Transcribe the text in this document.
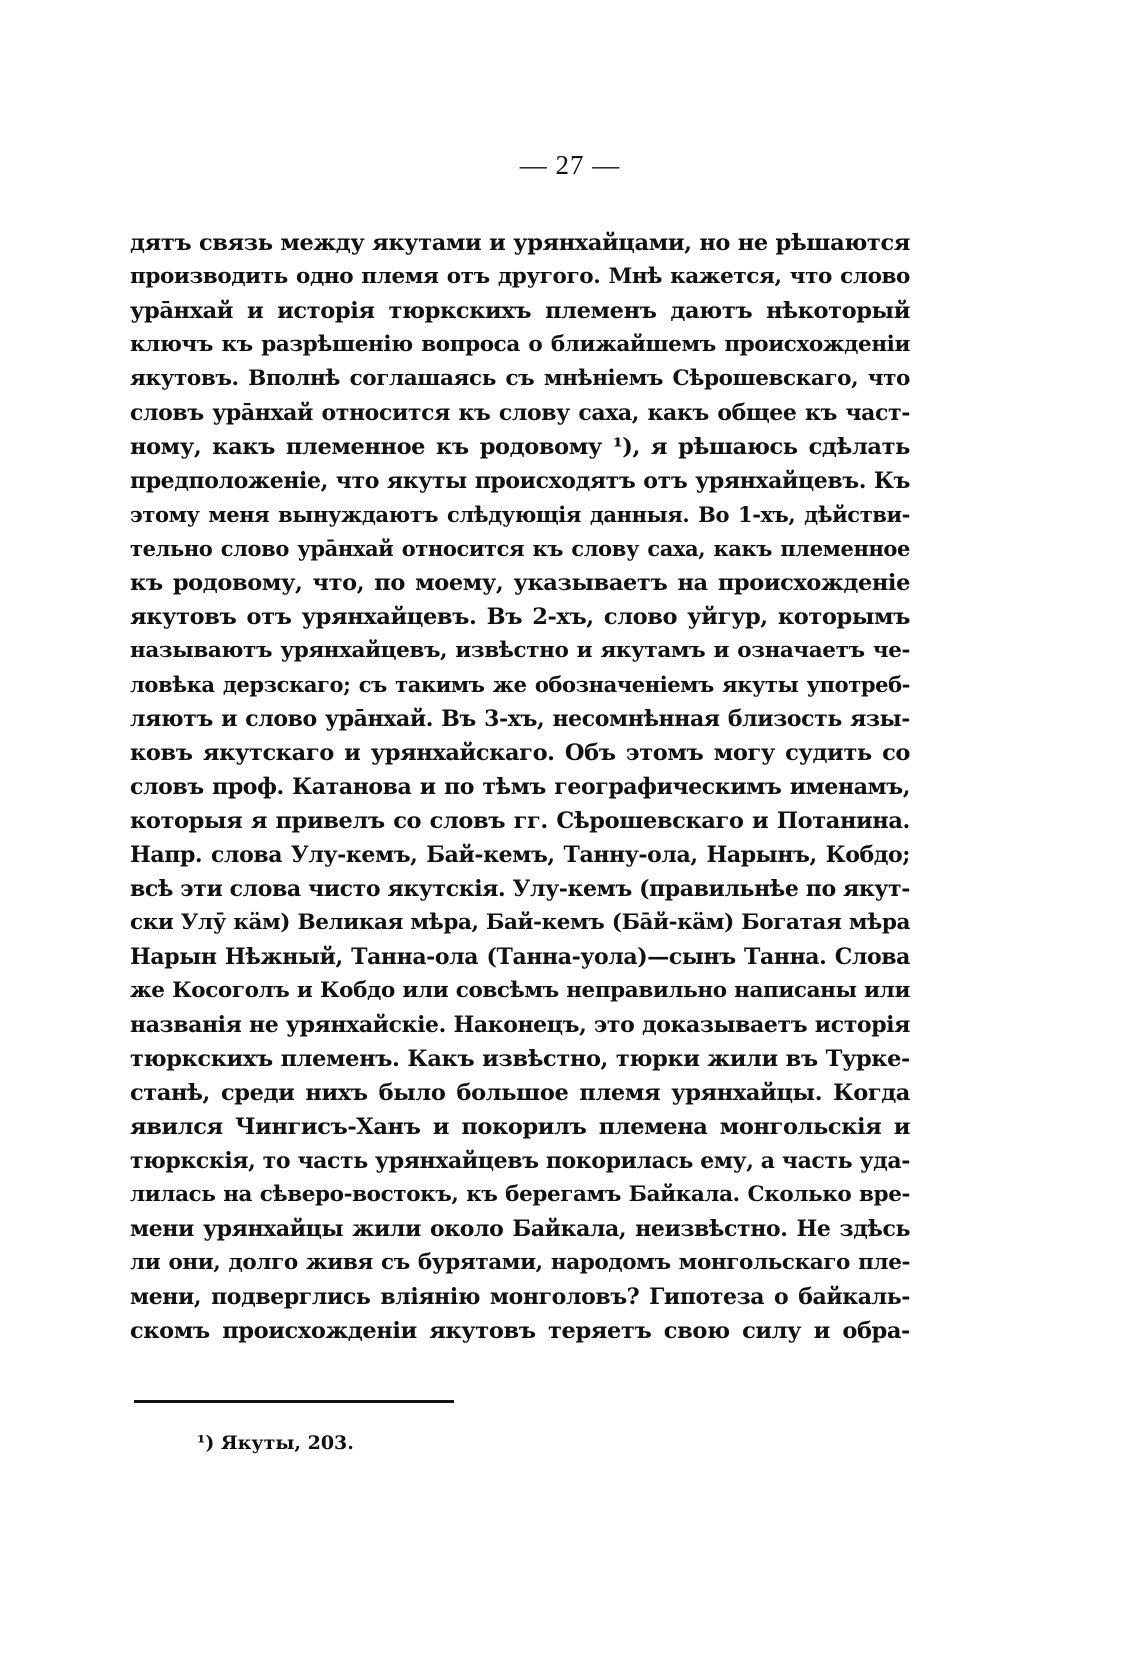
— 27 —
дятъ связь между якутами и урянхайцами, но не рѣшаются
производить одно племя отъ другого. Мнѣ кажется, что слово
урāнхай и исторія тюркскихъ племенъ даютъ нѣкоторый
ключъ къ разрѣшенію вопроса о ближайшемъ происхожденіи
якутовъ. Вполнѣ соглашаясь съ мнѣніемъ Сѣрошевскаго, что
словъ урāнхай относится къ слову саха, какъ общее къ част-
ному, какъ племенное къ родовому ¹), я рѣшаюсь сдѣлать
предположеніе, что якуты происходятъ отъ урянхайцевъ. Къ
этому меня вынуждаютъ слѣдующія данныя. Во 1-хъ, дѣйстви-
тельно слово урāнхай относится къ слову саха, какъ племенное
къ родовому, что, по моему, указываетъ на происхожденіе
якутовъ отъ урянхайцевъ. Въ 2-хъ, слово уйгур, которымъ
называютъ урянхайцевъ, извѣстно и якутамъ и означаетъ че-
ловѣка дерзскаго; съ такимъ же обозначеніемъ якуты употреб-
ляютъ и слово урāнхай. Въ 3-хъ, несомнѣнная близость язы-
ковъ якутскаго и урянхайскаго. Объ этомъ могу судить со
словъ проф. Катанова и по тѣмъ географическимъ именамъ,
которыя я привелъ со словъ гг. Сѣрошевскаго и Потанина.
Напр. слова Улу-кемъ, Бай-кемъ, Танну-ола, Нарынъ, Кобдо;
всѣ эти слова чисто якутскія. Улу-кемъ (правильнѣе по якут-
ски Улӯ кӓм) Великая мѣра, Бай-кемъ (Бāй-кӓм) Богатая мѣра
Нарын Нѣжный, Танна-ола (Танна-уола)—сынъ Танна. Слова
же Косоголъ и Кобдо или совсѣмъ неправильно написаны или
названія не урянхайскіе. Наконецъ, это доказываетъ исторія
тюркскихъ племенъ. Какъ извѣстно, тюрки жили въ Турке-
станѣ, среди нихъ было большое племя урянхайцы. Когда
явился Чингисъ-Ханъ и покорилъ племена монгольскія и
тюркскія, то часть урянхайцевъ покорилась ему, а часть уда-
лилась на сѣверо-востокъ, къ берегамъ Байкала. Сколько вре-
мени урянхайцы жили около Байкала, неизвѣстно. Не здѣсь
ли они, долго живя съ бурятами, народомъ монгольскаго пле-
мени, подверглись вліянію монголовъ? Гипотеза о байкаль-
скомъ происхожденіи якутовъ теряетъ свою силу и обра-
¹) Якуты, 203.
